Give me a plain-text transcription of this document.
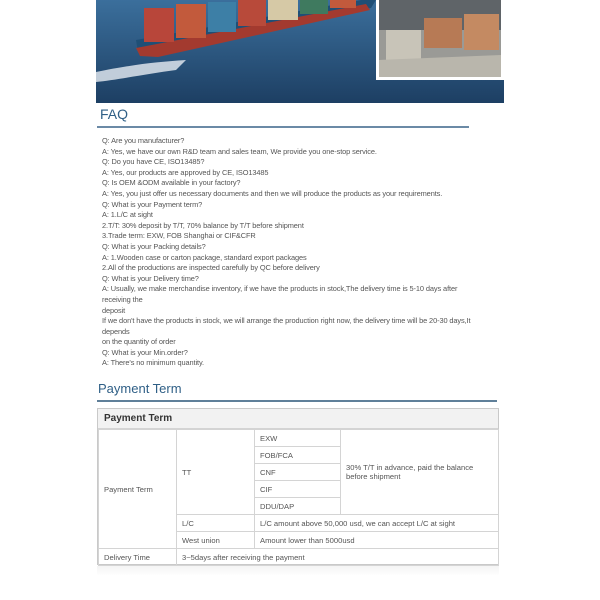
FAQ
Q: Are you manufacturer?
A: Yes, we have our own R&D team and sales team, We provide you one-stop service.
Q: Do you have CE, ISO13485?
A: Yes, our products are approved by CE, ISO13485
Q: Is OEM &ODM available in your factory?
A: Yes, you just offer us necessary documents and then we will produce the products as your requirements.
Q: What is your Payment term?
A: 1.L/C at sight
2.T/T: 30% deposit by T/T, 70% balance by T/T before shipment
3.Trade term: EXW, FOB Shanghai or CIF&CFR
Q: What is your Packing details?
A: 1.Wooden case or carton package, standard export packages
2.All of the productions are inspected carefully by QC before delivery
Q: What is your Delivery time?
A: Usually, we make merchandise inventory, if we have the products in stock,The delivery time is 5-10 days after receiving the
deposit
If we don't have the products in stock, we will arrange the production right now, the delivery time will be 20-30 days,It depends
on the quantity of order
Q: What is your Min.order?
A: There's no minimum quantity.
Payment Term
Payment Term
Payment Term	TT	EXW	30% T/T in advance, paid the balance before shipment
		FOB/FCA	
		CNF	
		CIF	
		DDU/DAP	
	L/C	L/C amount above 50,000 usd, we can accept L/C at sight	
	West union	Amount lower than 5000usd	
Delivery Time	3~5days after receiving the payment		
